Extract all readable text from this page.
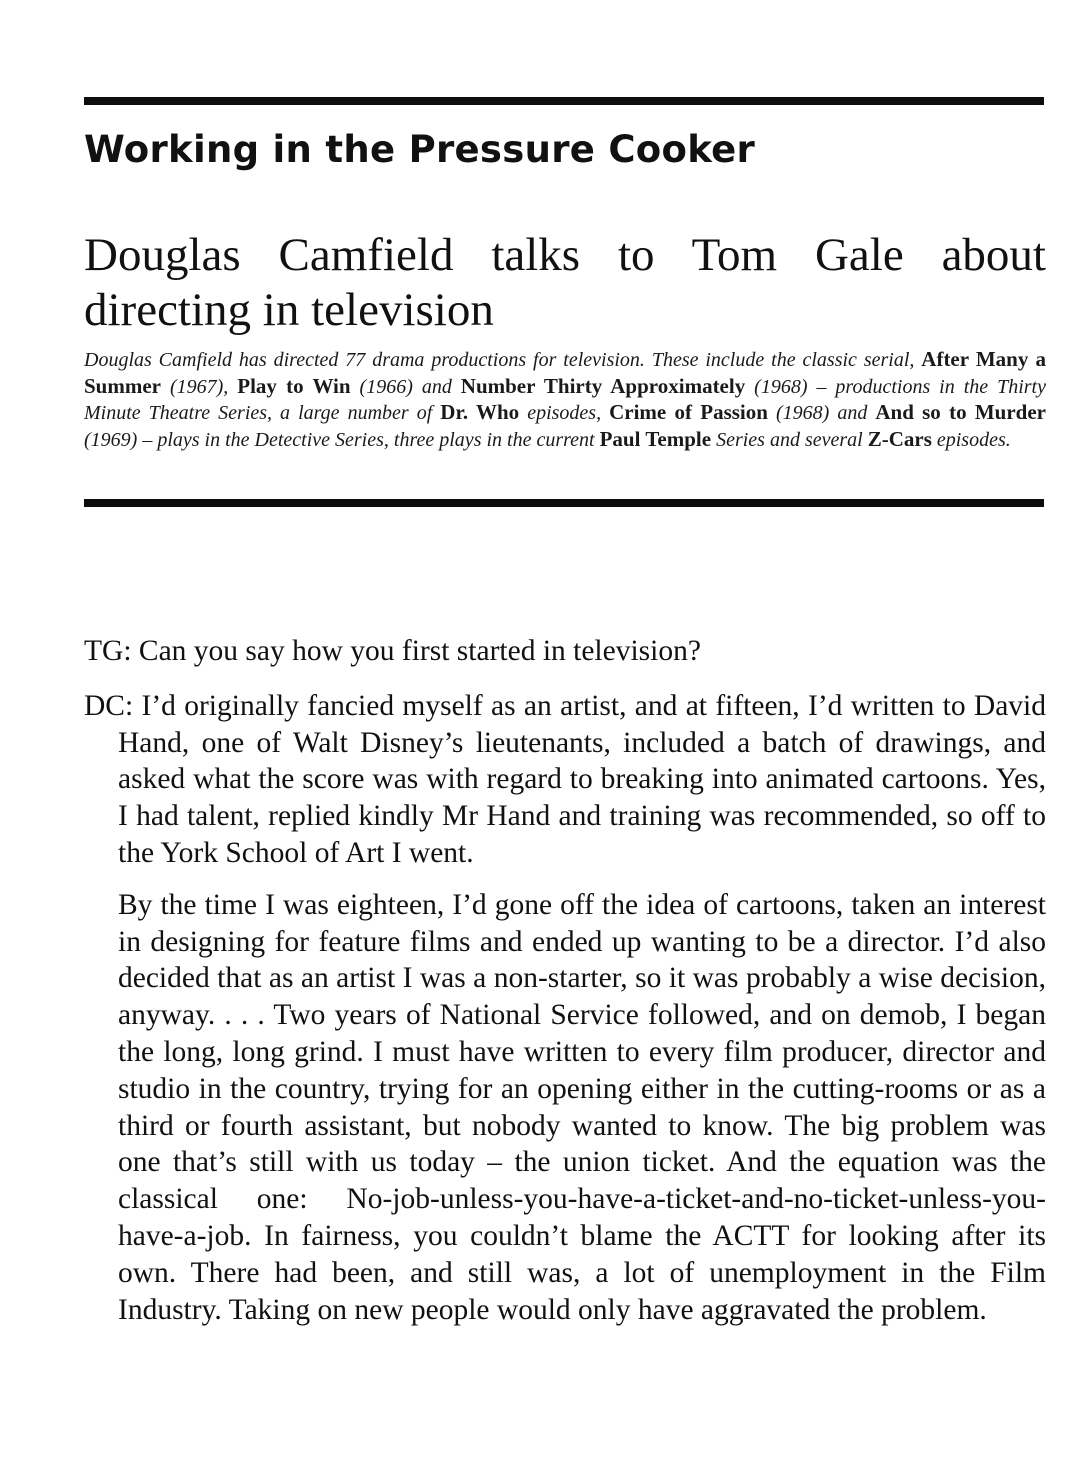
Working in the Pressure Cooker
Douglas Camfield talks to Tom Gale about
directing in television
Douglas Camfield has directed 77 drama productions for television. These include the classic serial, After Many a Summer (1967), Play to Win (1966) and Number Thirty Approximately (1968) – productions in the Thirty Minute Theatre Series, a large number of Dr. Who episodes, Crime of Passion (1968) and And so to Murder (1969) – plays in the Detective Series, three plays in the current Paul Temple Series and several Z-Cars episodes.

TG: Can you say how you first started in television?

DC: I’d originally fancied myself as an artist, and at fifteen, I’d written to David Hand, one of Walt Disney’s lieutenants, included a batch of drawings, and asked what the score was with regard to breaking into animated cartoons. Yes, I had talent, replied kindly Mr Hand and training was recommended, so off to the York School of Art I went.

By the time I was eighteen, I’d gone off the idea of cartoons, taken an interest in designing for feature films and ended up wanting to be a director. I’d also decided that as an artist I was a non-starter, so it was probably a wise decision, anyway. . . . Two years of National Service followed, and on demob, I began the long, long grind. I must have written to every film producer, director and studio in the country, trying for an opening either in the cutting-rooms or as a third or fourth assistant, but nobody wanted to know. The big problem was one that’s still with us today – the union ticket. And the equation was the classical one: No-job-unless-you-have-a-ticket-and-no-ticket-unless-you-have-a-job. In fairness, you couldn’t blame the ACTT for looking after its own. There had been, and still was, a lot of unemployment in the Film Industry. Taking on new people would only have aggravated the problem.
